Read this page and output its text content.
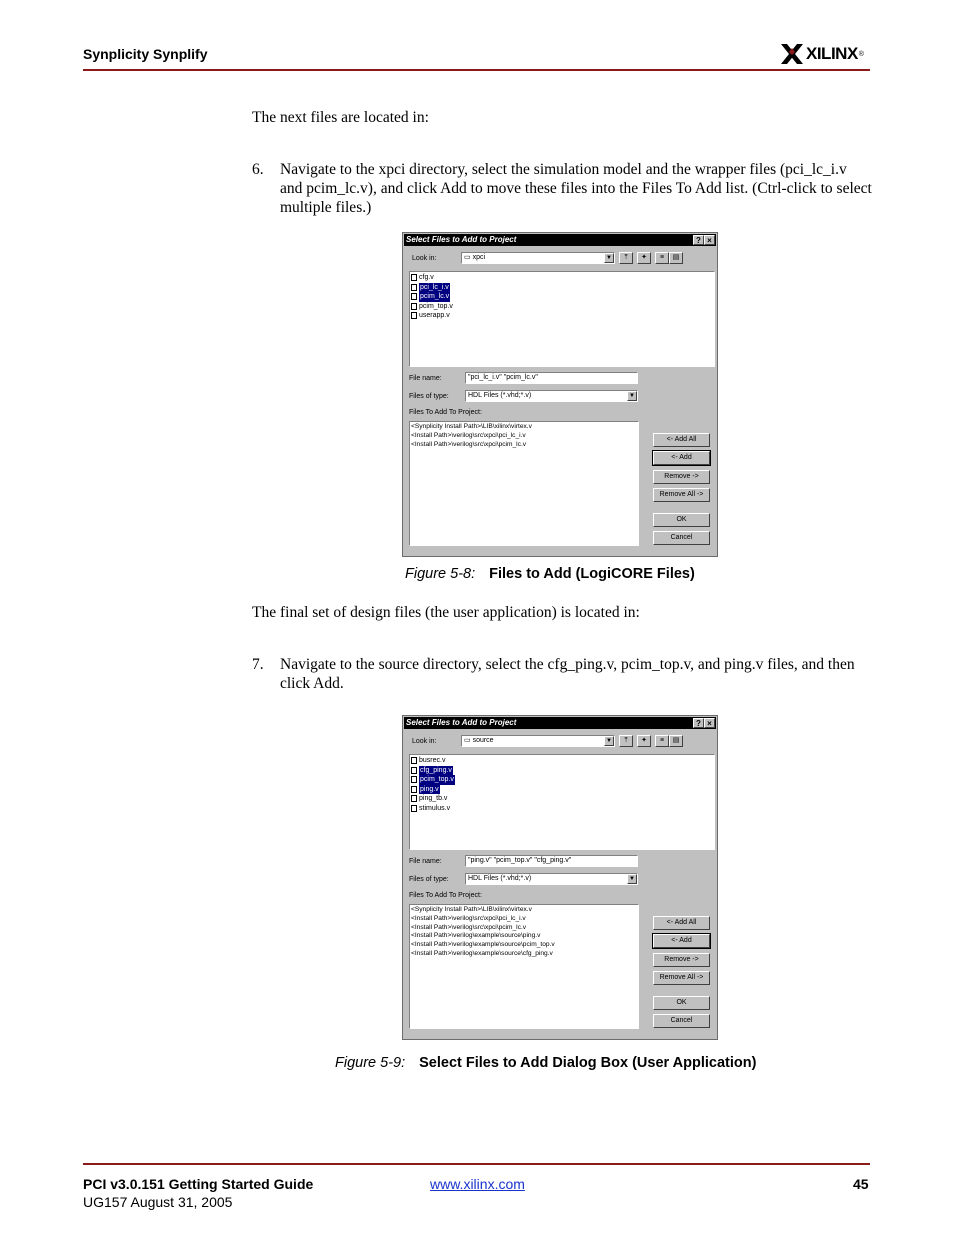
Synplicity Synplify	XILINX ®
The next files are located in:
6.	Navigate to the xpci directory, select the simulation model and the wrapper files (pci_lc_i.v and pcim_lc.v), and click Add to move these files into the Files To Add list. (Ctrl-click to select multiple files.)
Select Files to Add to Project	? ×
Look in:	▭ xpci	▼	⤒	✦	≡	▤
cfg.v
pci_lc_i.v
pcim_lc.v
pcim_top.v
userapp.v
File name:	"pci_lc_i.v" "pcim_lc.v"
Files of type:	HDL Files (*.vhd;*.v)	▼
Files To Add To Project:
<Synplicity Install Path>\LIB\xilinx\virtex.v
<Install Path>\verilog\src\xpci\pci_lc_i.v
<Install Path>\verilog\src\xpci\pcim_lc.v
<- Add All
<- Add
Remove ->
Remove All ->
OK
Cancel
Figure 5-8: Files to Add (LogiCORE Files)
The final set of design files (the user application) is located in:
7.	Navigate to the source directory, select the cfg_ping.v, pcim_top.v, and ping.v files, and then click Add.
Select Files to Add to Project	? ×
Look in:	▭ source	▼	⤒	✦	≡	▤
busrec.v
cfg_ping.v
pcim_top.v
ping.v
ping_tb.v
stimulus.v
File name:	"ping.v" "pcim_top.v" "cfg_ping.v"
Files of type:	HDL Files (*.vhd;*.v)	▼
Files To Add To Project:
<Synplicity Install Path>\LIB\xilinx\virtex.v
<Install Path>\verilog\src\xpci\pci_lc_i.v
<Install Path>\verilog\src\xpci\pcim_lc.v
<Install Path>\verilog\example\source\ping.v
<Install Path>\verilog\example\source\pcim_top.v
<Install Path>\verilog\example\source\cfg_ping.v
<- Add All
<- Add
Remove ->
Remove All ->
OK
Cancel
Figure 5-9: Select Files to Add Dialog Box (User Application)
PCI v3.0.151 Getting Started Guide
UG157 August 31, 2005
www.xilinx.com	45
